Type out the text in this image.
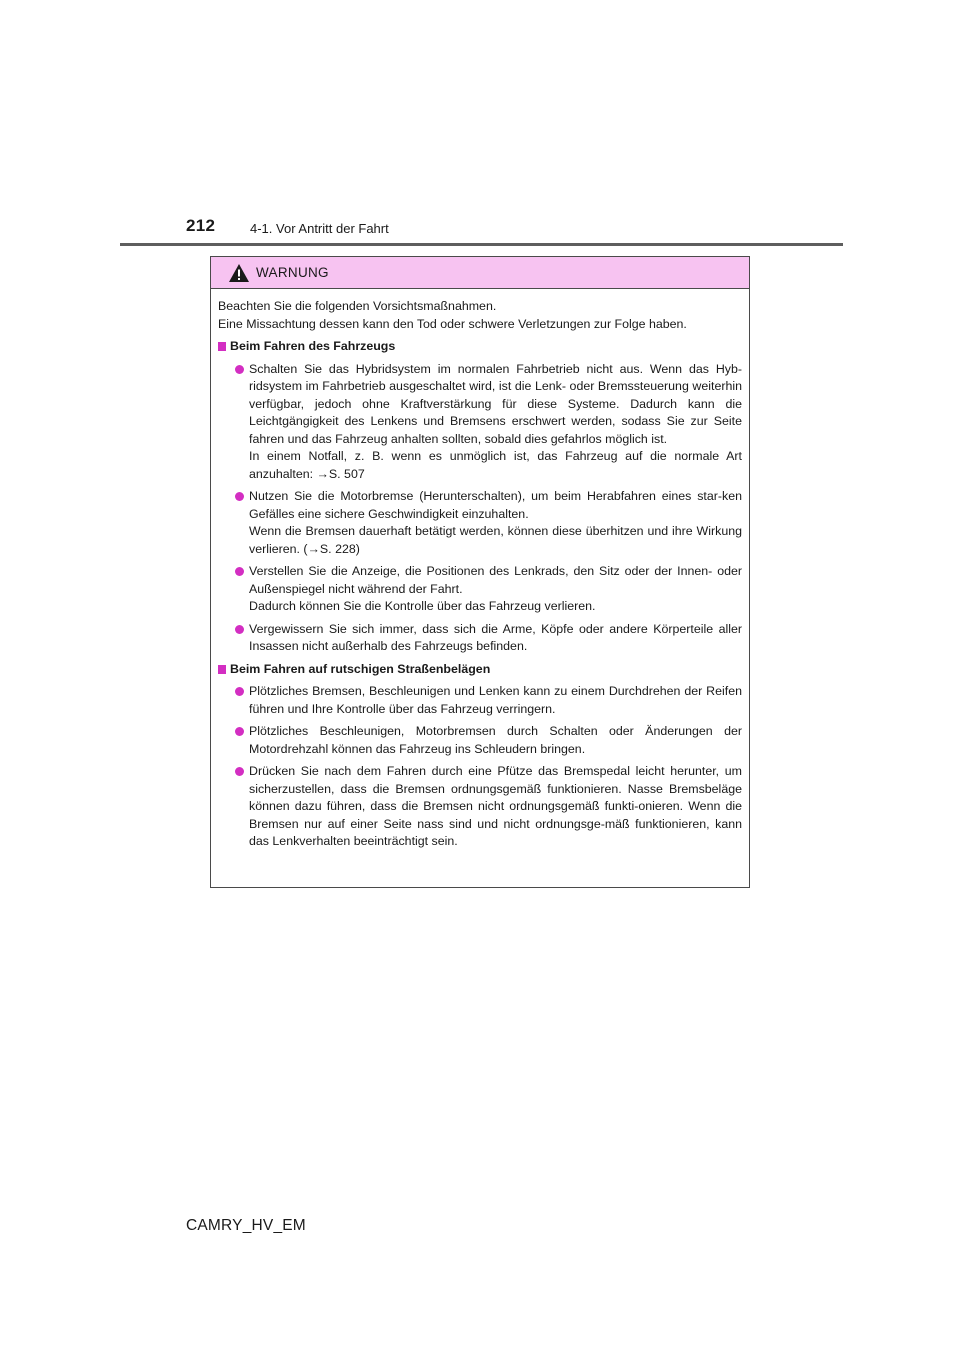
212	4-1. Vor Antritt der Fahrt
WARNUNG

Beachten Sie die folgenden Vorsichtsmaßnahmen.

Eine Missachtung dessen kann den Tod oder schwere Verletzungen zur Folge haben.

Beim Fahren des Fahrzeugs

Schalten Sie das Hybridsystem im normalen Fahrbetrieb nicht aus. Wenn das Hyb-ridsystem im Fahrbetrieb ausgeschaltet wird, ist die Lenk- oder Bremssteuerung weiterhin verfügbar, jedoch ohne Kraftverstärkung für diese Systeme. Dadurch kann die Leichtgängigkeit des Lenkens und Bremsens erschwert werden, sodass Sie zur Seite fahren und das Fahrzeug anhalten sollten, sobald dies gefahrlos möglich ist.

In einem Notfall, z. B. wenn es unmöglich ist, das Fahrzeug auf die normale Art anzuhalten: →S. 507

Nutzen Sie die Motorbremse (Herunterschalten), um beim Herabfahren eines star-ken Gefälles eine sichere Geschwindigkeit einzuhalten.

Wenn die Bremsen dauerhaft betätigt werden, können diese überhitzen und ihre Wirkung verlieren. (→S. 228)

Verstellen Sie die Anzeige, die Positionen des Lenkrads, den Sitz oder der Innen- oder Außenspiegel nicht während der Fahrt.

Dadurch können Sie die Kontrolle über das Fahrzeug verlieren.

Vergewissern Sie sich immer, dass sich die Arme, Köpfe oder andere Körperteile aller Insassen nicht außerhalb des Fahrzeugs befinden.

Beim Fahren auf rutschigen Straßenbelägen

Plötzliches Bremsen, Beschleunigen und Lenken kann zu einem Durchdrehen der Reifen führen und Ihre Kontrolle über das Fahrzeug verringern.

Plötzliches Beschleunigen, Motorbremsen durch Schalten oder Änderungen der Motordrehzahl können das Fahrzeug ins Schleudern bringen.

Drücken Sie nach dem Fahren durch eine Pfütze das Bremspedal leicht herunter, um sicherzustellen, dass die Bremsen ordnungsgemäß funktionieren. Nasse Bremsbeläge können dazu führen, dass die Bremsen nicht ordnungsgemäß funkti-onieren. Wenn die Bremsen nur auf einer Seite nass sind und nicht ordnungsge-mäß funktionieren, kann das Lenkverhalten beeinträchtigt sein.

CAMRY_HV_EM
